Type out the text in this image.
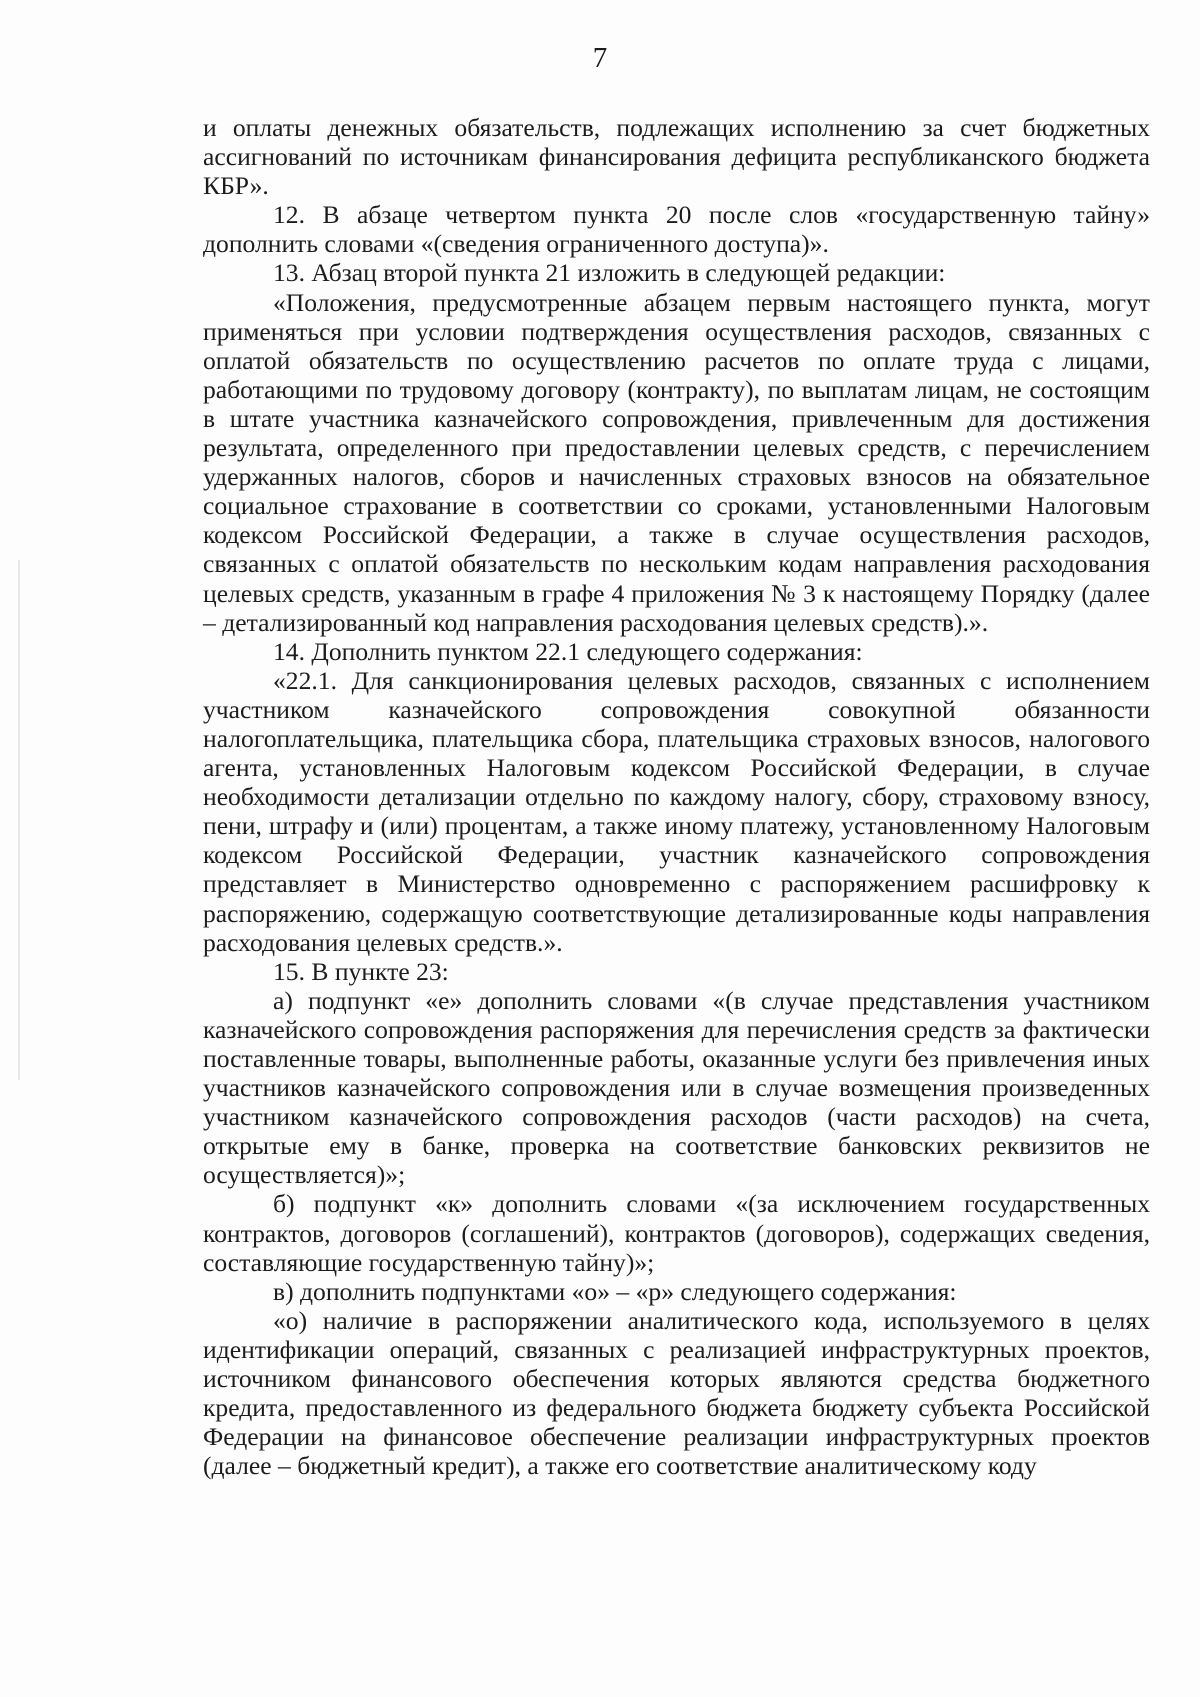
7

и оплаты денежных обязательств, подлежащих исполнению за счет бюджетных ассигнований по источникам финансирования дефицита республиканского бюджета КБР».

12. В абзаце четвертом пункта 20 после слов «государственную тайну» дополнить словами «(сведения ограниченного доступа)».

13. Абзац второй пункта 21 изложить в следующей редакции:

«Положения, предусмотренные абзацем первым настоящего пункта, могут применяться при условии подтверждения осуществления расходов, связанных с оплатой обязательств по осуществлению расчетов по оплате труда с лицами, работающими по трудовому договору (контракту), по выплатам лицам, не состоящим в штате участника казначейского сопровождения, привлеченным для достижения результата, определенного при предоставлении целевых средств, с перечислением удержанных налогов, сборов и начисленных страховых взносов на обязательное социальное страхование в соответствии со сроками, установленными Налоговым кодексом Российской Федерации, а также в случае осуществления расходов, связанных с оплатой обязательств по нескольким кодам направления расходования целевых средств, указанным в графе 4 приложения № 3 к настоящему Порядку (далее – детализированный код направления расходования целевых средств).».

14. Дополнить пунктом 22.1 следующего содержания:

«22.1. Для санкционирования целевых расходов, связанных с исполнением участником казначейского сопровождения совокупной обязанности налогоплательщика, плательщика сбора, плательщика страховых взносов, налогового агента, установленных Налоговым кодексом Российской Федерации, в случае необходимости детализации отдельно по каждому налогу, сбору, страховому взносу, пени, штрафу и (или) процентам, а также иному платежу, установленному Налоговым кодексом Российской Федерации, участник казначейского сопровождения представляет в Министерство одновременно с распоряжением расшифровку к распоряжению, содержащую соответствующие детализированные коды направления расходования целевых средств.».

15. В пункте 23:

а) подпункт «е» дополнить словами «(в случае представления участником казначейского сопровождения распоряжения для перечисления средств за фактически поставленные товары, выполненные работы, оказанные услуги без привлечения иных участников казначейского сопровождения или в случае возмещения произведенных участником казначейского сопровождения расходов (части расходов) на счета, открытые ему в банке, проверка на соответствие банковских реквизитов не осуществляется)»;

б) подпункт «к» дополнить словами «(за исключением государственных контрактов, договоров (соглашений), контрактов (договоров), содержащих сведения, составляющие государственную тайну)»;

в) дополнить подпунктами «о» – «р» следующего содержания:

«о) наличие в распоряжении аналитического кода, используемого в целях идентификации операций, связанных с реализацией инфраструктурных проектов, источником финансового обеспечения которых являются средства бюджетного кредита, предоставленного из федерального бюджета бюджету субъекта Российской Федерации на финансовое обеспечение реализации инфраструктурных проектов (далее – бюджетный кредит), а также его соответствие аналитическому коду
